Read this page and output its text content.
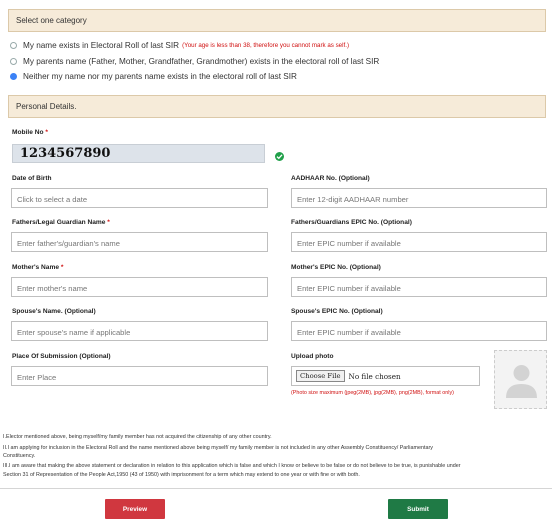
Select one category
My name exists in Electoral Roll of last SIR (Your age is less than 38, therefore you cannot mark as self.)
My parents name (Father, Mother, Grandfather, Grandmother) exists in the electoral roll of last SIR
Neither my name nor my parents name exists in the electoral roll of last SIR
Personal Details.
Mobile No *
1234567890
Date of Birth
Click to select a date
AADHAAR No. (Optional)
Enter 12-digit AADHAAR number
Fathers/Legal Guardian Name *
Enter father's/guardian's name
Fathers/Guardians EPIC No. (Optional)
Enter EPIC number if available
Mother's Name *
Enter mother's name
Mother's EPIC No. (Optional)
Enter EPIC number if available
Spouse's Name. (Optional)
Enter spouse's name if applicable
Spouse's EPIC No. (Optional)
Enter EPIC number if available
Place Of Submission (Optional)
Enter Place
Upload photo
Choose File	No file chosen
(Photo size maximum (jpeg(2MB), jpg(2MB), png(2MB), format only)
I.Elector mentioned above, being myself/my family member has not acquired the citizenship of any other country.
II.I am applying for inclusion in the Electoral Roll and the name mentioned above being myself/ my family member is not included in any other Assembly Constituency/ Parliamentary
Constituency.
III.I am aware that making the above statement or declaration in relation to this application which is false and which I know or believe to be false or do not believe to be true, is punishable under
Section 31 of Representation of the People Act,1950 (43 of 1950) with imprisonment for a term which may extend to one year or with fine or with both.
Preview	Submit
